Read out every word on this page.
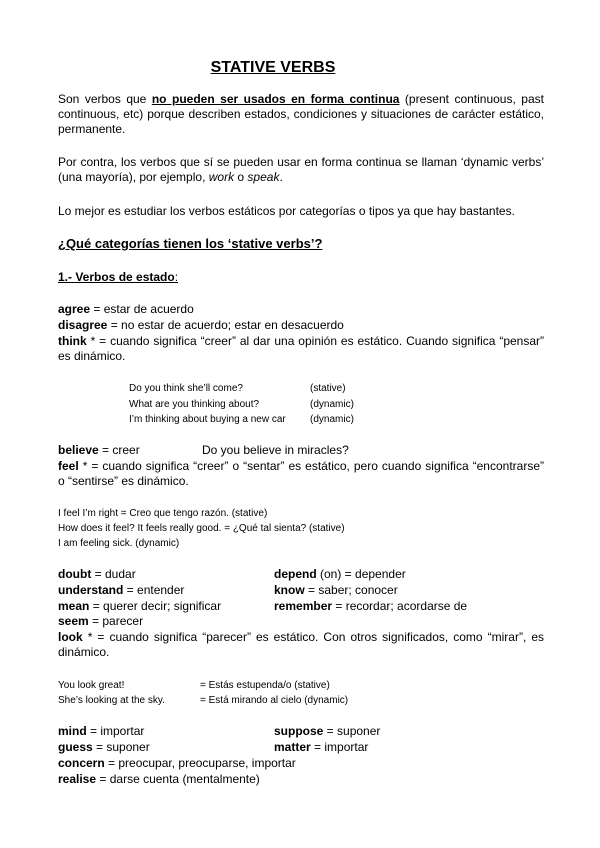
STATIVE VERBS
Son verbos que no pueden ser usados en forma continua (present continuous, past continuous, etc) porque describen estados, condiciones y situaciones de carácter estático, permanente.
Por contra, los verbos que sí se pueden usar en forma continua se llaman ‘dynamic verbs’ (una mayoría), por ejemplo, work o speak.
Lo mejor es estudiar los verbos estáticos por categorías o tipos ya que hay bastantes.
¿Qué categorías tienen los ‘stative verbs’?
1.- Verbos de estado:
agree = estar de acuerdo
disagree = no estar de acuerdo; estar en desacuerdo
think * = cuando significa “creer” al dar una opinión es estático. Cuando significa “pensar” es dinámico.
Do you think she’ll come?	(stative)
What are you thinking about?	(dynamic)
I’m thinking about buying a new car (dynamic)
believe = creer	Do you believe in miracles?
feel * = cuando significa “creer” o “sentar” es estático, pero cuando significa “encontrarse” o “sentirse” es dinámico.
I feel I’m right = Creo que tengo razón. (stative)
How does it feel? It feels really good. = ¿Qué tal sienta? (stative)
I am feeling sick. (dynamic)
doubt = dudar	depend (on) = depender
understand = entender	know = saber; conocer
mean = querer decir; significar	remember = recordar; acordarse de
seem = parecer
look * = cuando significa “parecer” es estático. Con otros significados, como “mirar”, es dinámico.
You look great!	= Estás estupenda/o (stative)
She’s looking at the sky.	= Está mirando al cielo (dynamic)
mind = importar	suppose = suponer
guess = suponer	matter = importar
concern = preocupar, preocuparse, importar
realise = darse cuenta (mentalmente)
